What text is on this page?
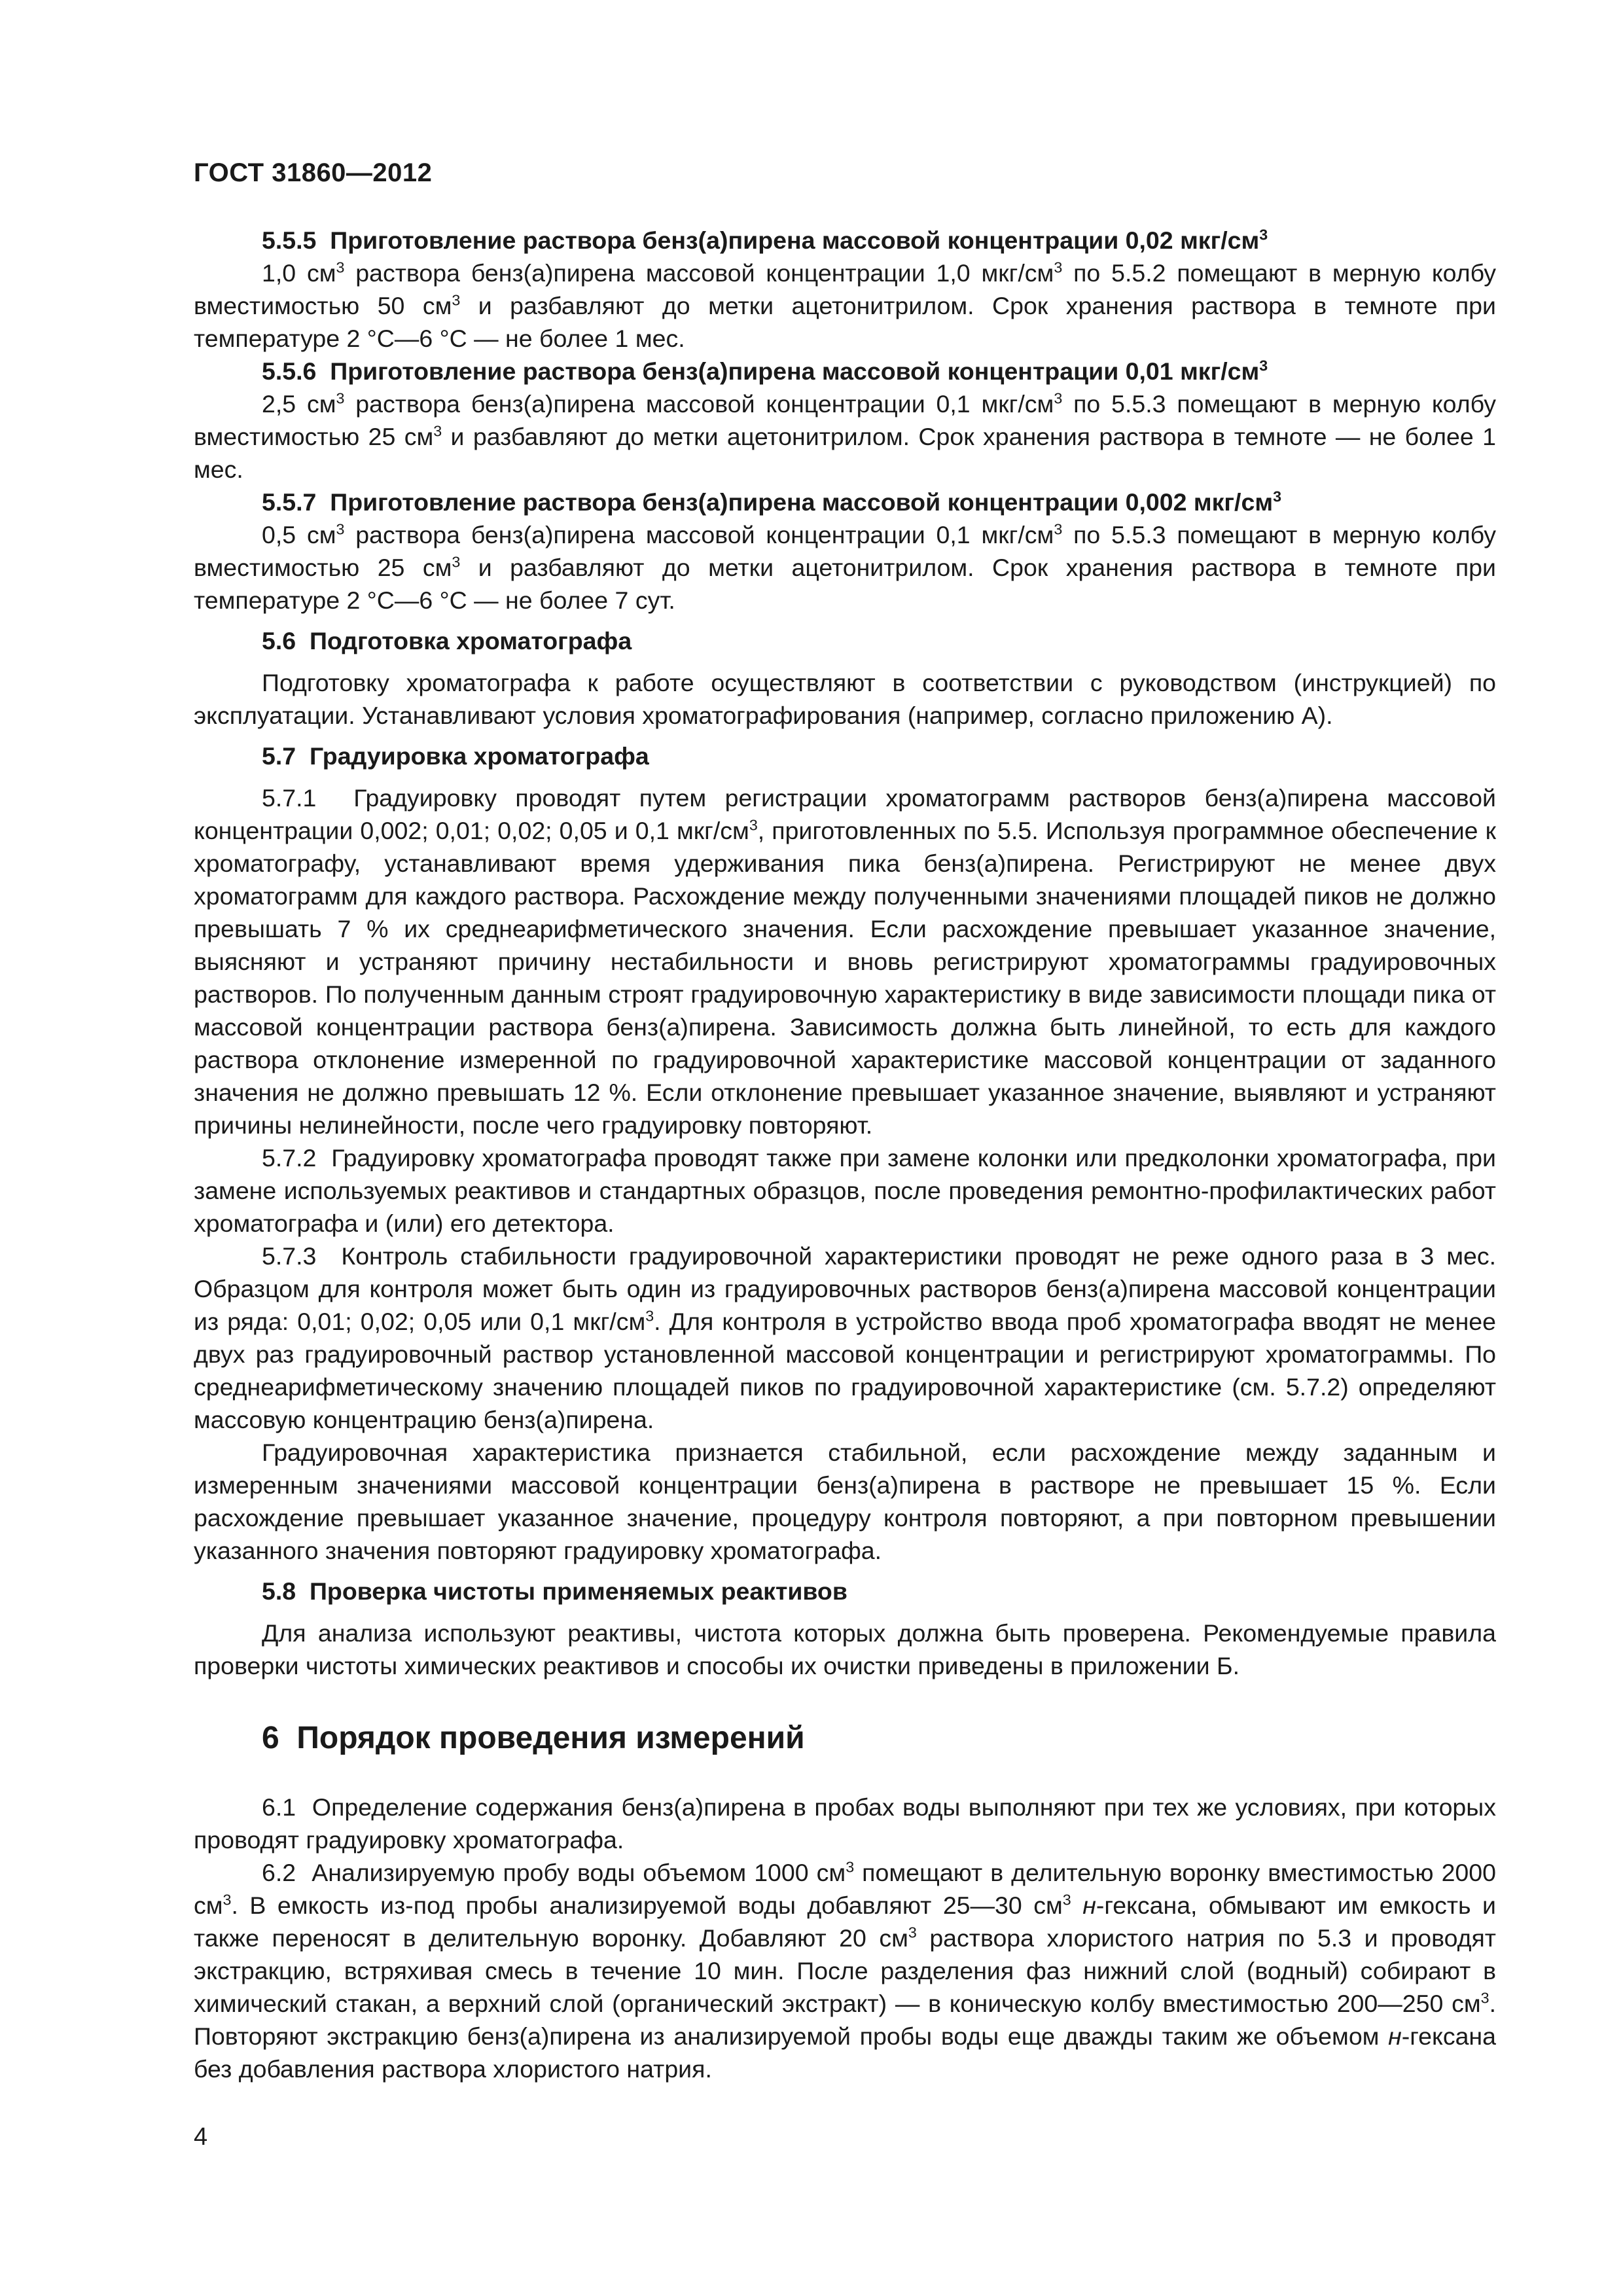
ГОСТ 31860—2012

5.5.5  Приготовление раствора бенз(а)пирена массовой концентрации 0,02 мкг/$см^3$

1,0 $см^3$ раствора бенз(а)пирена массовой концентрации 1,0 мкг/$см^3$ по 5.5.2 помещают в мерную колбу вместимостью 50 $см^3$ и разбавляют до метки ацетонитрилом. Срок хранения раствора в темноте при температуре 2 °С—6 °С — не более 1 мес.

5.5.6  Приготовление раствора бенз(а)пирена массовой концентрации 0,01 мкг/$см^3$

2,5 $см^3$ раствора бенз(а)пирена массовой концентрации 0,1 мкг/$см^3$ по 5.5.3 помещают в мерную колбу вместимостью 25 $см^3$ и разбавляют до метки ацетонитрилом. Срок хранения раствора в темноте — не более 1 мес.

5.5.7  Приготовление раствора бенз(а)пирена массовой концентрации 0,002 мкг/$см^3$

0,5 $см^3$ раствора бенз(а)пирена массовой концентрации 0,1 мкг/$см^3$ по 5.5.3 помещают в мерную колбу вместимостью 25 $см^3$ и разбавляют до метки ацетонитрилом. Срок хранения раствора в темноте при температуре 2 °С—6 °С — не более 7 сут.

5.6  Подготовка хроматографа

Подготовку хроматографа к работе осуществляют в соответствии с руководством (инструкцией) по эксплуатации. Устанавливают условия хроматографирования (например, согласно приложению А).

5.7  Градуировка хроматографа

5.7.1  Градуировку проводят путем регистрации хроматограмм растворов бенз(а)пирена массовой концентрации 0,002; 0,01; 0,02; 0,05 и 0,1 мкг/$см^3$, приготовленных по 5.5. Используя программное обеспечение к хроматографу, устанавливают время удерживания пика бенз(а)пирена. Регистрируют не менее двух хроматограмм для каждого раствора. Расхождение между полученными значениями площадей пиков не должно превышать 7 % их среднеарифметического значения. Если расхождение превышает указанное значение, выясняют и устраняют причину нестабильности и вновь регистрируют хроматограммы градуировочных растворов. По полученным данным строят градуировочную характеристику в виде зависимости площади пика от массовой концентрации раствора бенз(а)пирена. Зависимость должна быть линейной, то есть для каждого раствора отклонение измеренной по градуировочной характеристике массовой концентрации от заданного значения не должно превышать 12 %. Если отклонение превышает указанное значение, выявляют и устраняют причины нелинейности, после чего градуировку повторяют.

5.7.2  Градуировку хроматографа проводят также при замене колонки или предколонки хроматографа, при замене используемых реактивов и стандартных образцов, после проведения ремонтно-профилактических работ хроматографа и (или) его детектора.

5.7.3  Контроль стабильности градуировочной характеристики проводят не реже одного раза в 3 мес. Образцом для контроля может быть один из градуировочных растворов бенз(а)пирена массовой концентрации из ряда: 0,01; 0,02; 0,05 или 0,1 мкг/$см^3$. Для контроля в устройство ввода проб хроматографа вводят не менее двух раз градуировочный раствор установленной массовой концентрации и регистрируют хроматограммы. По среднеарифметическому значению площадей пиков по градуировочной характеристике (см. 5.7.2) определяют массовую концентрацию бенз(а)пирена.

Градуировочная характеристика признается стабильной, если расхождение между заданным и измеренным значениями массовой концентрации бенз(а)пирена в растворе не превышает 15 %. Если расхождение превышает указанное значение, процедуру контроля повторяют, а при повторном превышении указанного значения повторяют градуировку хроматографа.

5.8  Проверка чистоты применяемых реактивов

Для анализа используют реактивы, чистота которых должна быть проверена. Рекомендуемые правила проверки чистоты химических реактивов и способы их очистки приведены в приложении Б.

6  Порядок проведения измерений

6.1  Определение содержания бенз(а)пирена в пробах воды выполняют при тех же условиях, при которых проводят градуировку хроматографа.

6.2  Анализируемую пробу воды объемом 1000 $см^3$ помещают в делительную воронку вместимостью 2000 $см^3$. В емкость из-под пробы анализируемой воды добавляют 25—30 $см^3$ н-гексана, обмывают им емкость и также переносят в делительную воронку. Добавляют 20 $см^3$ раствора хлористого натрия по 5.3 и проводят экстракцию, встряхивая смесь в течение 10 мин. После разделения фаз нижний слой (водный) собирают в химический стакан, а верхний слой (органический экстракт) — в коническую колбу вместимостью 200—250 $см^3$. Повторяют экстракцию бенз(а)пирена из анализируемой пробы воды еще дважды таким же объемом н-гексана без добавления раствора хлористого натрия.

4
